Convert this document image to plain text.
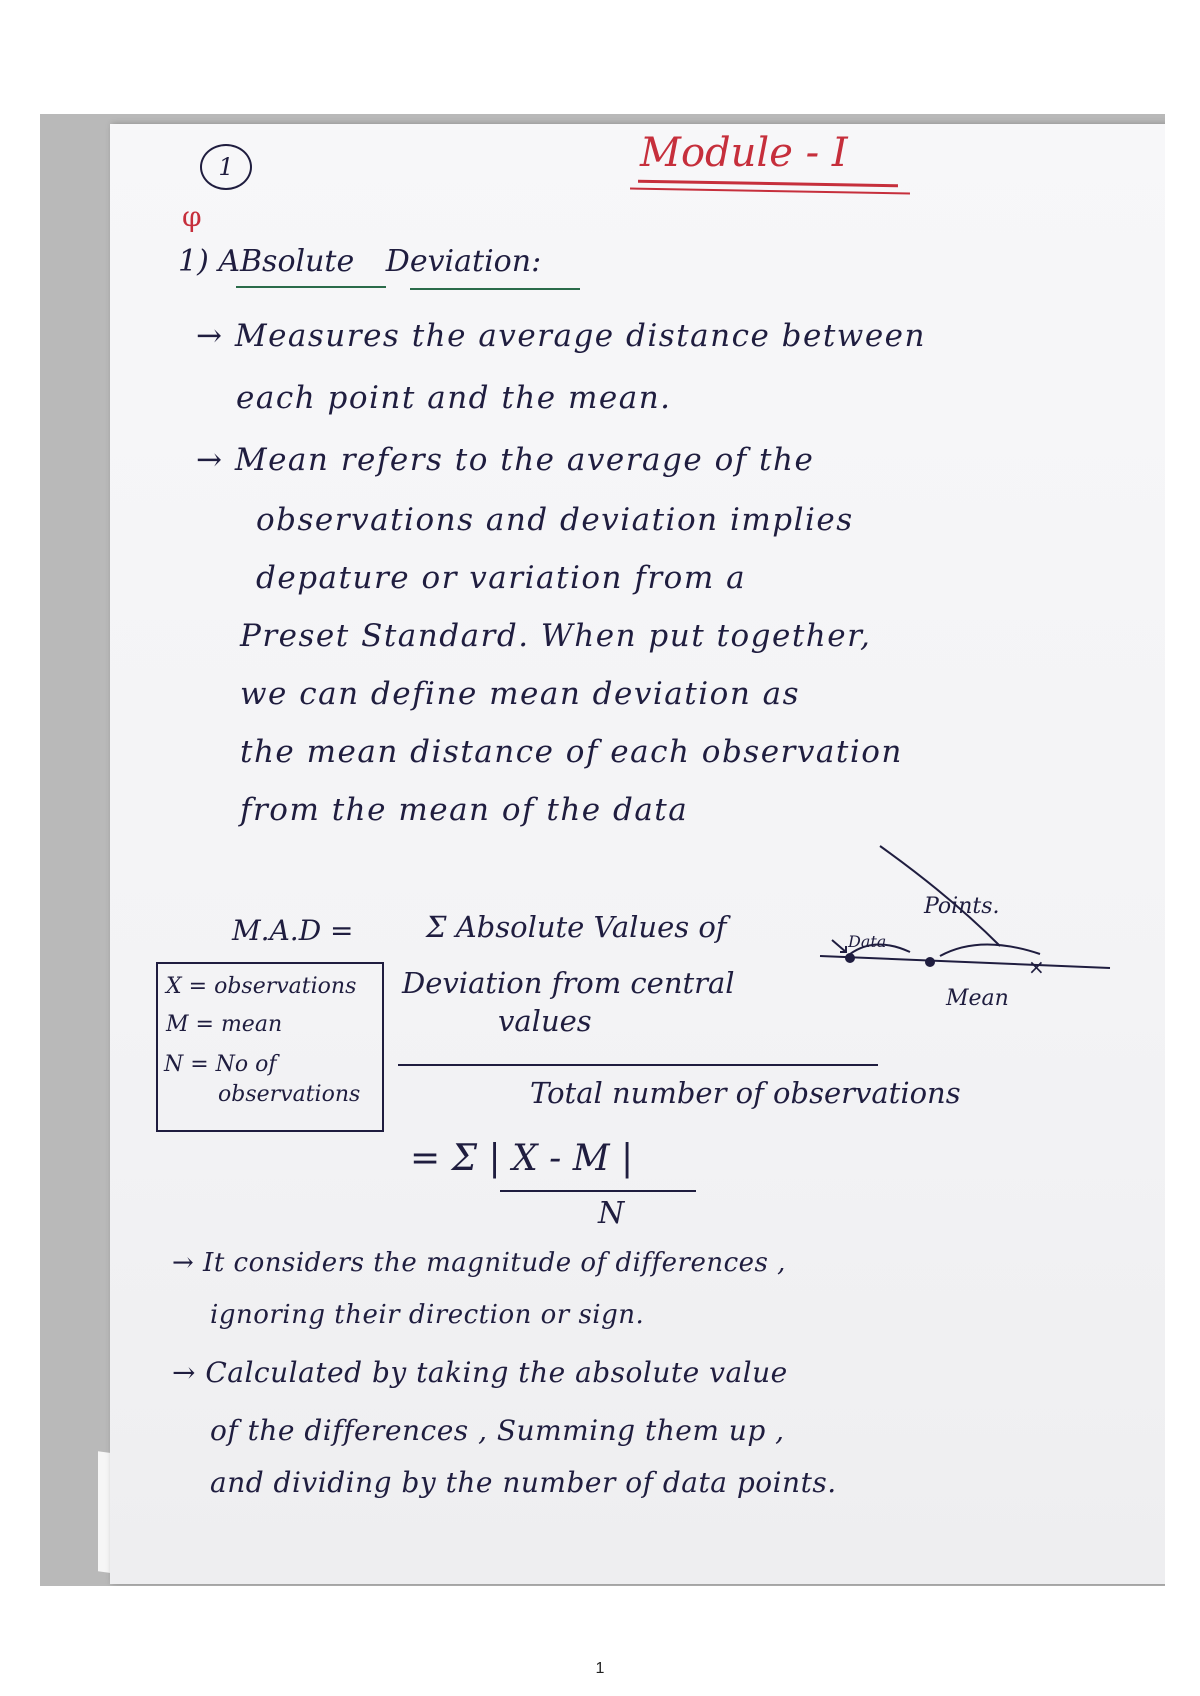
Module - I
1
φ
1) ABsolute Deviation:
→ Measures the average distance between
each point and the mean.
→ Mean refers to the average of the
observations and deviation implies
depature or variation from a
Preset Standard. When put together,
we can define mean deviation as
the mean distance of each observation
from the mean of the data
M.A.D = Σ Absolute Values of
Deviation from central
values
Total number of observations
X = observations
M = mean
N = No of
observations
×
Points.
Data
Mean
= Σ | X - M |
N
→ It considers the magnitude of differences ,
ignoring their direction or sign.
→ Calculated by taking the absolute value
of the differences , Summing them up ,
and dividing by the number of data points.
1
